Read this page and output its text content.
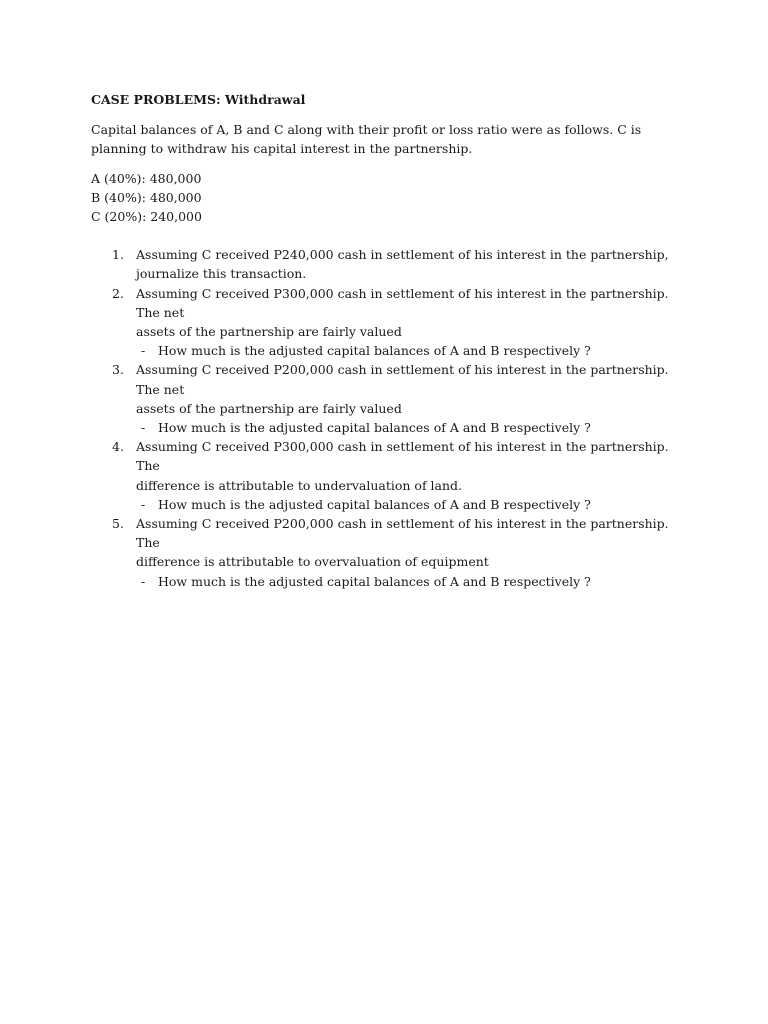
CASE PROBLEMS: Withdrawal

Capital balances of A, B and C along with their profit or loss ratio were as follows. C is planning to withdraw his capital interest in the partnership.

A (40%): 480,000
B (40%): 480,000
C (20%): 240,000
1. Assuming C received P240,000 cash in settlement of his interest in the partnership,
journalize this transaction.
2. Assuming C received P300,000 cash in settlement of his interest in the partnership. The net
assets of the partnership are fairly valued
- How much is the adjusted capital balances of A and B respectively ?
3. Assuming C received P200,000 cash in settlement of his interest in the partnership. The net
assets of the partnership are fairly valued
- How much is the adjusted capital balances of A and B respectively ?
4. Assuming C received P300,000 cash in settlement of his interest in the partnership. The
difference is attributable to undervaluation of land.
- How much is the adjusted capital balances of A and B respectively ?
5. Assuming C received P200,000 cash in settlement of his interest in the partnership. The
difference is attributable to overvaluation of equipment
- How much is the adjusted capital balances of A and B respectively ?
